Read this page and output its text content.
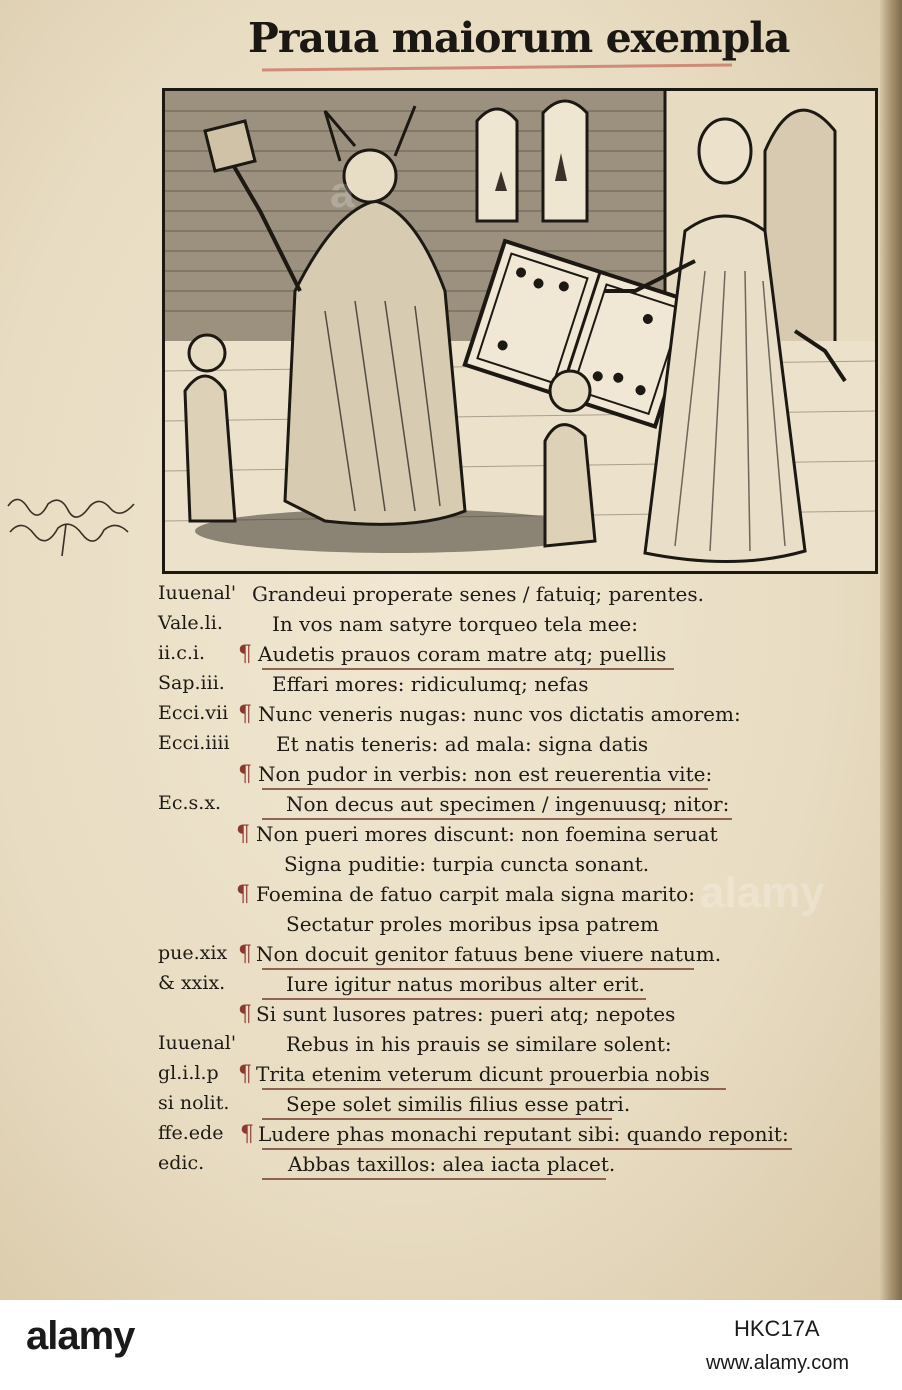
Praua maiorum exempla
Iuuenal' Grandeui properate senes / fatuiq; parentes.
Vale.li. In vos nam satyre torqueo tela mee:
ii.c.i. ¶ Audetis prauos coram matre atq; puellis
Sap.iii. Effari mores: ridiculumq; nefas
Ecci.vii ¶ Nunc veneris nugas: nunc vos dictatis amorem:
Ecci.iiii Et natis teneris: ad mala: signa datis
¶ Non pudor in verbis: non est reuerentia vite:
Ec.s.x.	Non decus aut specimen / ingenuusq; nitor:
¶ Non pueri mores discunt: non foemina seruat
Signa puditie: turpia cuncta sonant.
¶ Foemina de fatuo carpit mala signa marito:
Sectatur proles moribus ipsa patrem
pue.xix ¶ Non docuit genitor fatuus bene viuere natum.
& xxix.	Iure igitur natus moribus alter erit.
¶ Si sunt lusores patres: pueri atq; nepotes
Iuuenal' Rebus in his prauis se similare solent:
gl.i.l.p ¶ Trita etenim veterum dicunt prouerbia nobis
si nolit.	Sepe solet similis filius esse patri.
ffe.ede ¶ Ludere phas monachi reputant sibi: quando reponit:
edic.	Abbas taxillos: alea iacta placet.
alamy
a
alamy	HKC17A
www.alamy.com
